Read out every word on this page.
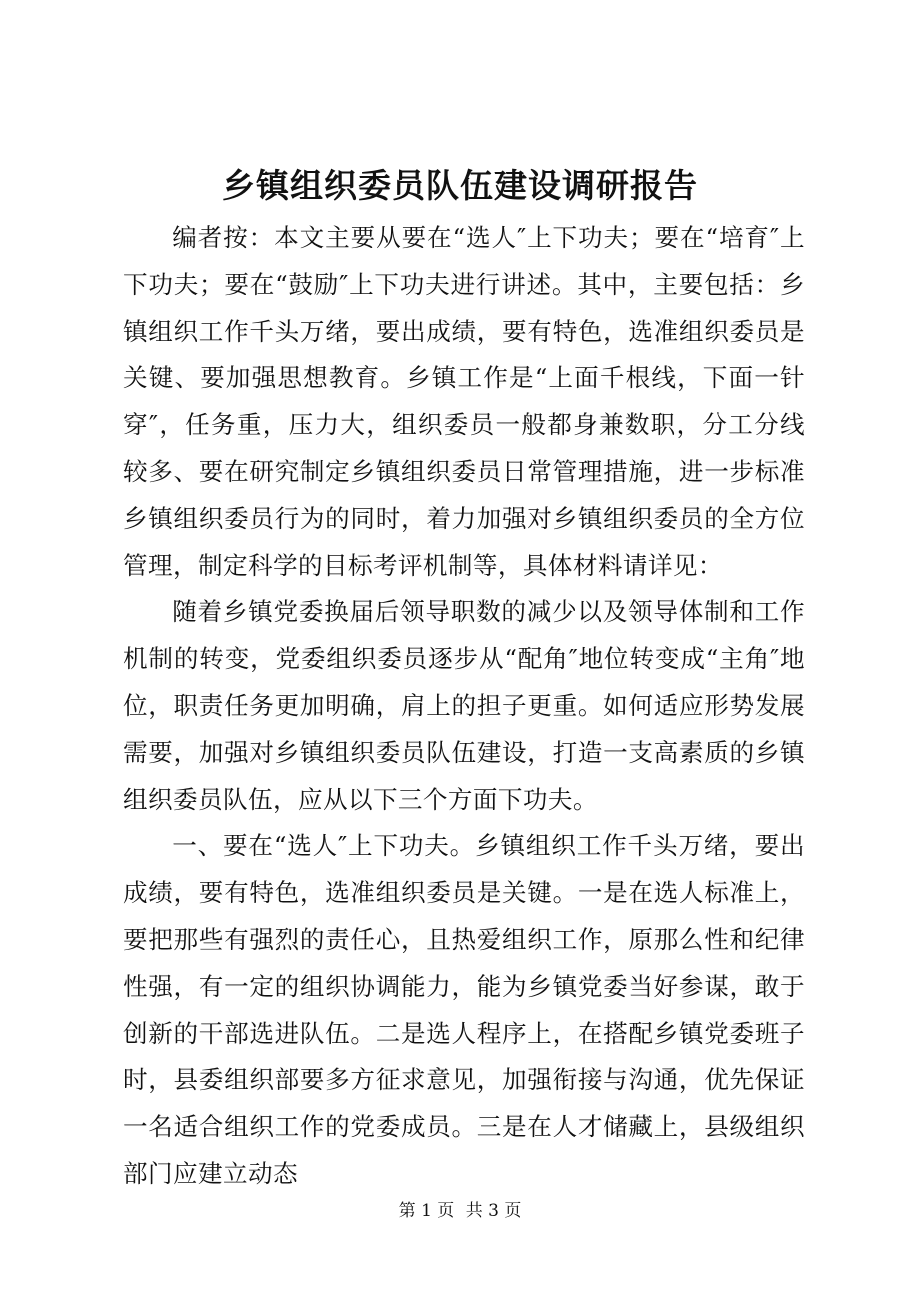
乡镇组织委员队伍建设调研报告

编者按：本文主要从要在“选人″上下功夫；要在“培育″上下功夫；要在“鼓励″上下功夫进行讲述。其中，主要包括：乡镇组织工作千头万绪，要出成绩，要有特色，选准组织委员是关键、要加强思想教育。乡镇工作是“上面千根线，下面一针穿″，任务重，压力大，组织委员一般都身兼数职，分工分线较多、要在研究制定乡镇组织委员日常管理措施，进一步标准乡镇组织委员行为的同时，着力加强对乡镇组织委员的全方位管理，制定科学的目标考评机制等，具体材料请详见：

随着乡镇党委换届后领导职数的减少以及领导体制和工作机制的转变，党委组织委员逐步从“配角″地位转变成“主角″地位，职责任务更加明确，肩上的担子更重。如何适应形势发展需要，加强对乡镇组织委员队伍建设，打造一支高素质的乡镇组织委员队伍，应从以下三个方面下功夫。

一、要在“选人″上下功夫。乡镇组织工作千头万绪，要出成绩，要有特色，选准组织委员是关键。一是在选人标准上，要把那些有强烈的责任心，且热爱组织工作，原那么性和纪律性强，有一定的组织协调能力，能为乡镇党委当好参谋，敢于创新的干部选进队伍。二是选人程序上，在搭配乡镇党委班子时，县委组织部要多方征求意见，加强衔接与沟通，优先保证一名适合组织工作的党委成员。三是在人才储藏上，县级组织部门应建立动态

第 1 页 共 3 页
